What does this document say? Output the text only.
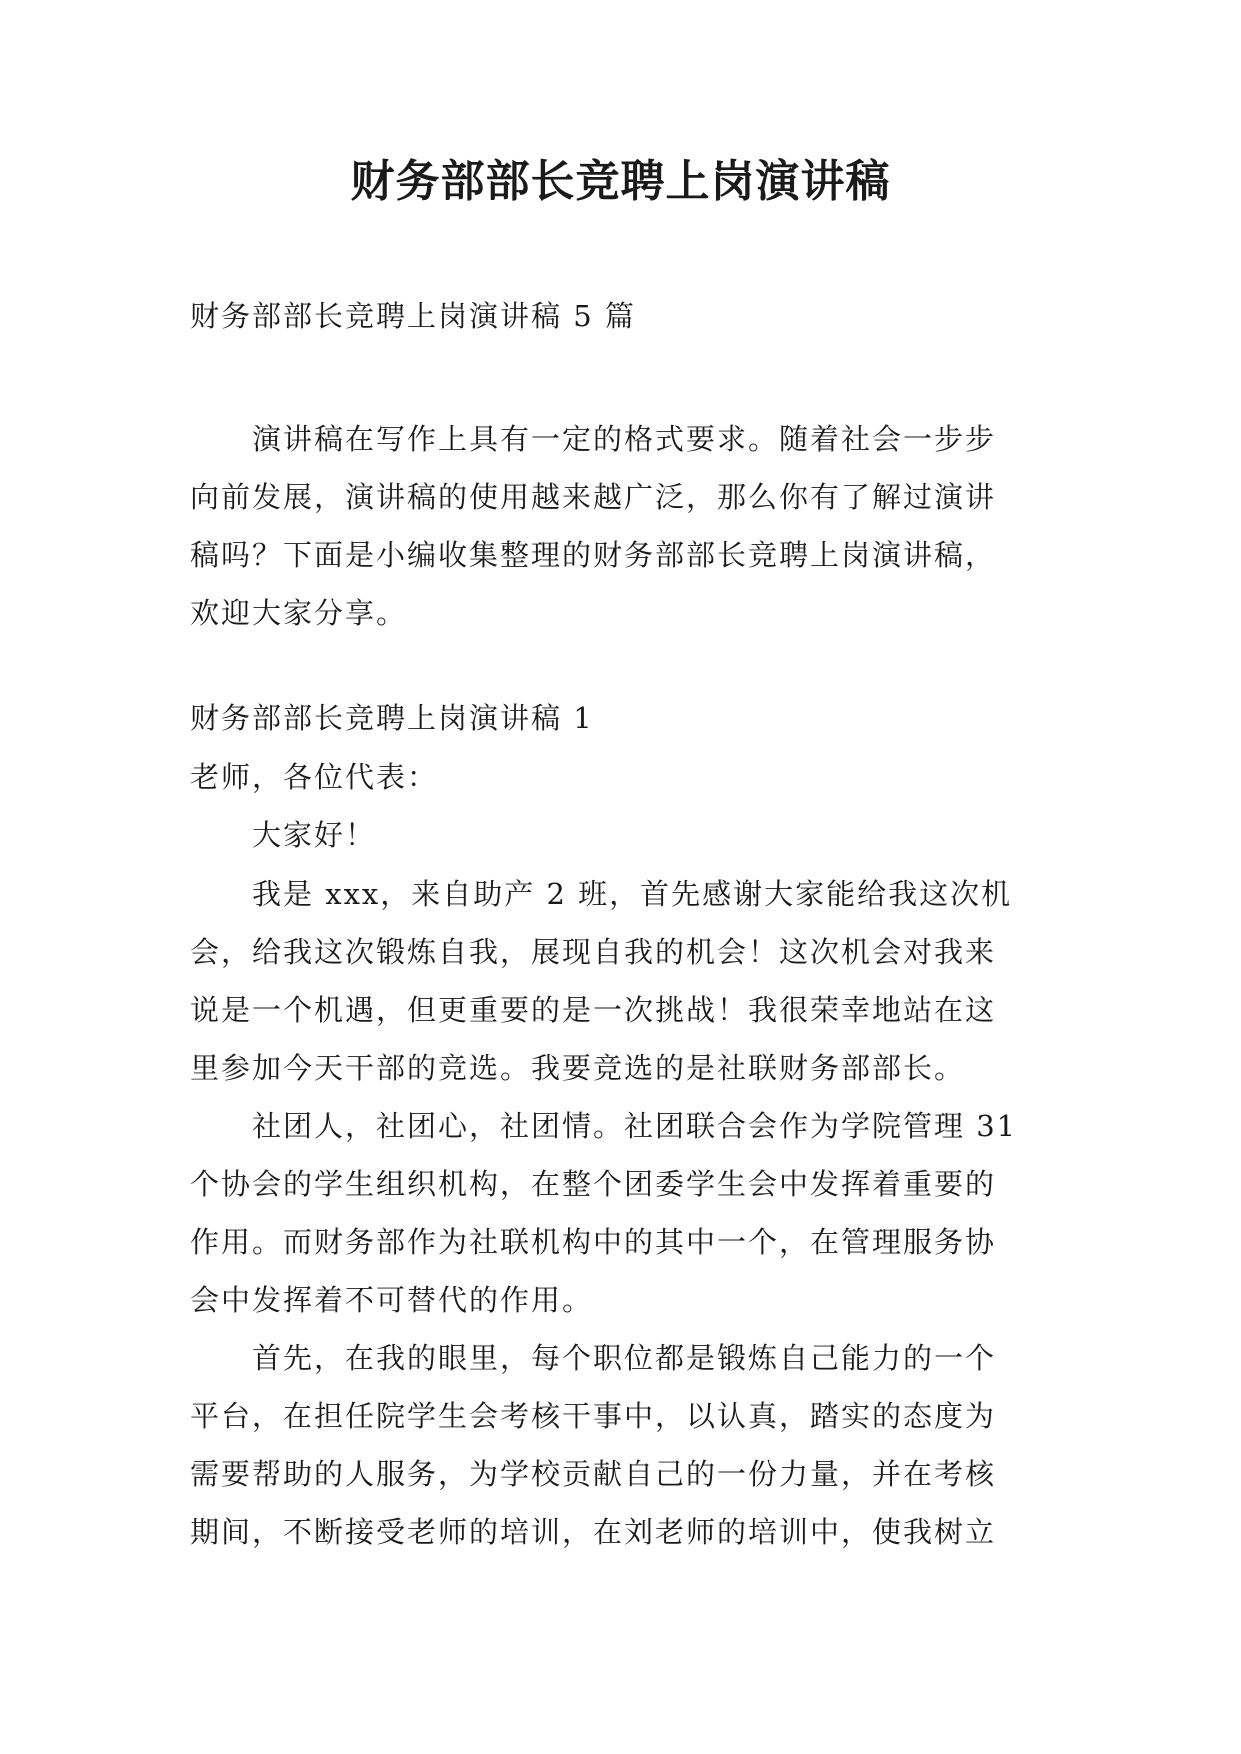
财务部部长竞聘上岗演讲稿

财务部部长竞聘上岗演讲稿 5 篇

　　演讲稿在写作上具有一定的格式要求。随着社会一步步
向前发展，演讲稿的使用越来越广泛，那么你有了解过演讲
稿吗？下面是小编收集整理的财务部部长竞聘上岗演讲稿，
欢迎大家分享。

财务部部长竞聘上岗演讲稿 1

老师，各位代表：

　　大家好！
　　我是 xxx，来自助产 2 班，首先感谢大家能给我这次机
会，给我这次锻炼自我，展现自我的机会！这次机会对我来
说是一个机遇，但更重要的是一次挑战！我很荣幸地站在这
里参加今天干部的竞选。我要竞选的是社联财务部部长。
　　社团人，社团心，社团情。社团联合会作为学院管理 31
个协会的学生组织机构，在整个团委学生会中发挥着重要的
作用。而财务部作为社联机构中的其中一个，在管理服务协
会中发挥着不可替代的作用。
　　首先，在我的眼里，每个职位都是锻炼自己能力的一个
平台，在担任院学生会考核干事中，以认真，踏实的态度为
需要帮助的人服务，为学校贡献自己的一份力量，并在考核
期间，不断接受老师的培训，在刘老师的培训中，使我树立
